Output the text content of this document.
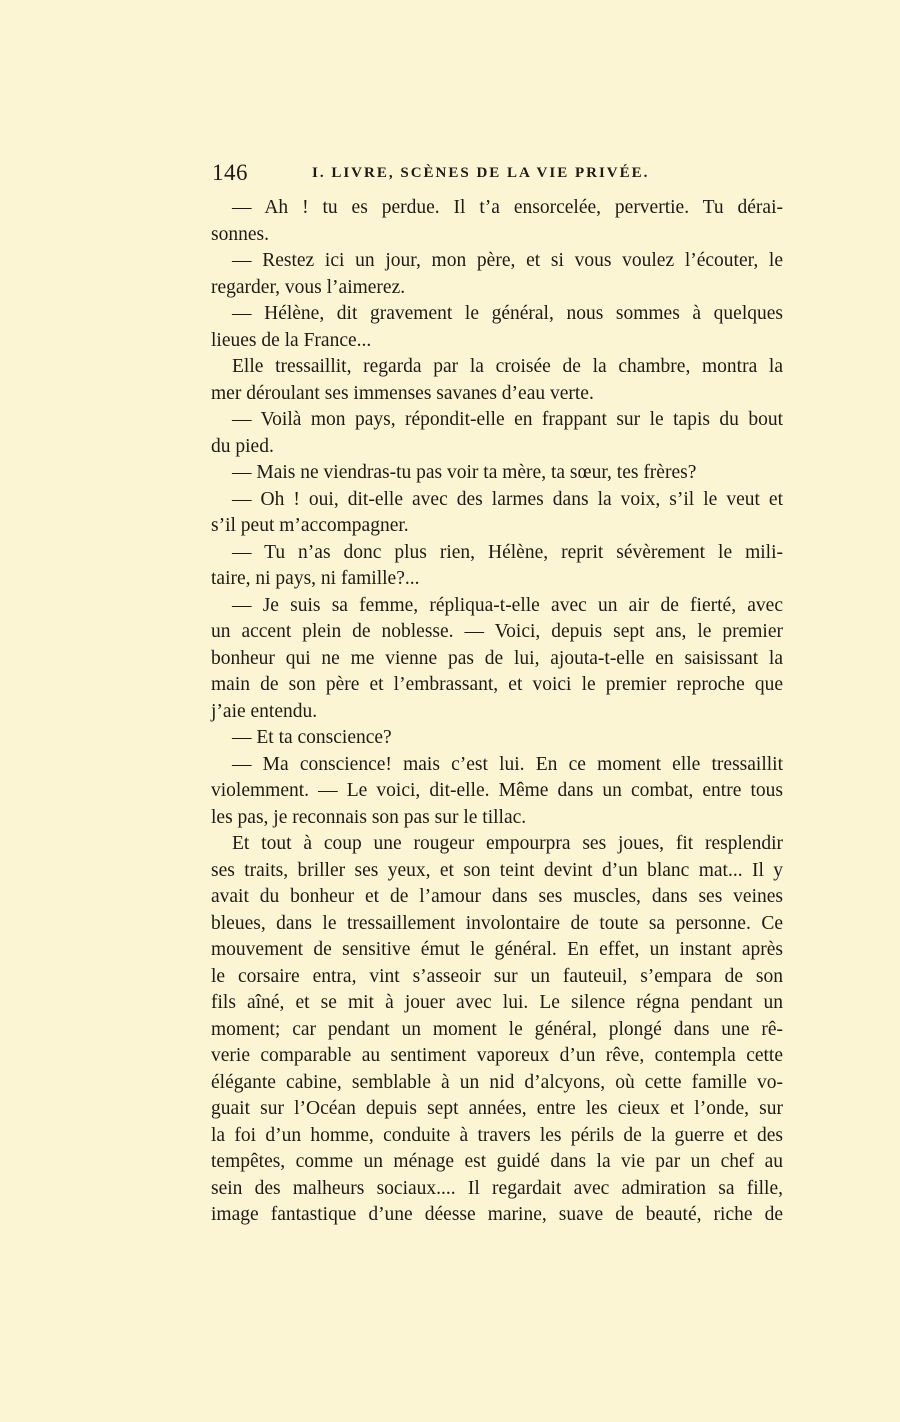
146	I. LIVRE, SCÈNES DE LA VIE PRIVÉE.
— Ah ! tu es perdue. Il t’a ensorcelée, pervertie. Tu dérai-
sonnes.
— Restez ici un jour, mon père, et si vous voulez l’écouter, le
regarder, vous l’aimerez.
— Hélène, dit gravement le général, nous sommes à quelques
lieues de la France...
Elle tressaillit, regarda par la croisée de la chambre, montra la
mer déroulant ses immenses savanes d’eau verte.
— Voilà mon pays, répondit-elle en frappant sur le tapis du bout
du pied.
— Mais ne viendras-tu pas voir ta mère, ta sœur, tes frères?
— Oh ! oui, dit-elle avec des larmes dans la voix, s’il le veut et
s’il peut m’accompagner.
— Tu n’as donc plus rien, Hélène, reprit sévèrement le mili-
taire, ni pays, ni famille?...
— Je suis sa femme, répliqua-t-elle avec un air de fierté, avec
un accent plein de noblesse. — Voici, depuis sept ans, le premier
bonheur qui ne me vienne pas de lui, ajouta-t-elle en saisissant la
main de son père et l’embrassant, et voici le premier reproche que
j’aie entendu.
— Et ta conscience?
— Ma conscience! mais c’est lui. En ce moment elle tressaillit
violemment. — Le voici, dit-elle. Même dans un combat, entre tous
les pas, je reconnais son pas sur le tillac.
Et tout à coup une rougeur empourpra ses joues, fit resplendir
ses traits, briller ses yeux, et son teint devint d’un blanc mat... Il y
avait du bonheur et de l’amour dans ses muscles, dans ses veines
bleues, dans le tressaillement involontaire de toute sa personne. Ce
mouvement de sensitive émut le général. En effet, un instant après
le corsaire entra, vint s’asseoir sur un fauteuil, s’empara de son
fils aîné, et se mit à jouer avec lui. Le silence régna pendant un
moment; car pendant un moment le général, plongé dans une rê-
verie comparable au sentiment vaporeux d’un rêve, contempla cette
élégante cabine, semblable à un nid d’alcyons, où cette famille vo-
guait sur l’Océan depuis sept années, entre les cieux et l’onde, sur
la foi d’un homme, conduite à travers les périls de la guerre et des
tempêtes, comme un ménage est guidé dans la vie par un chef au
sein des malheurs sociaux.... Il regardait avec admiration sa fille,
image fantastique d’une déesse marine, suave de beauté, riche de
